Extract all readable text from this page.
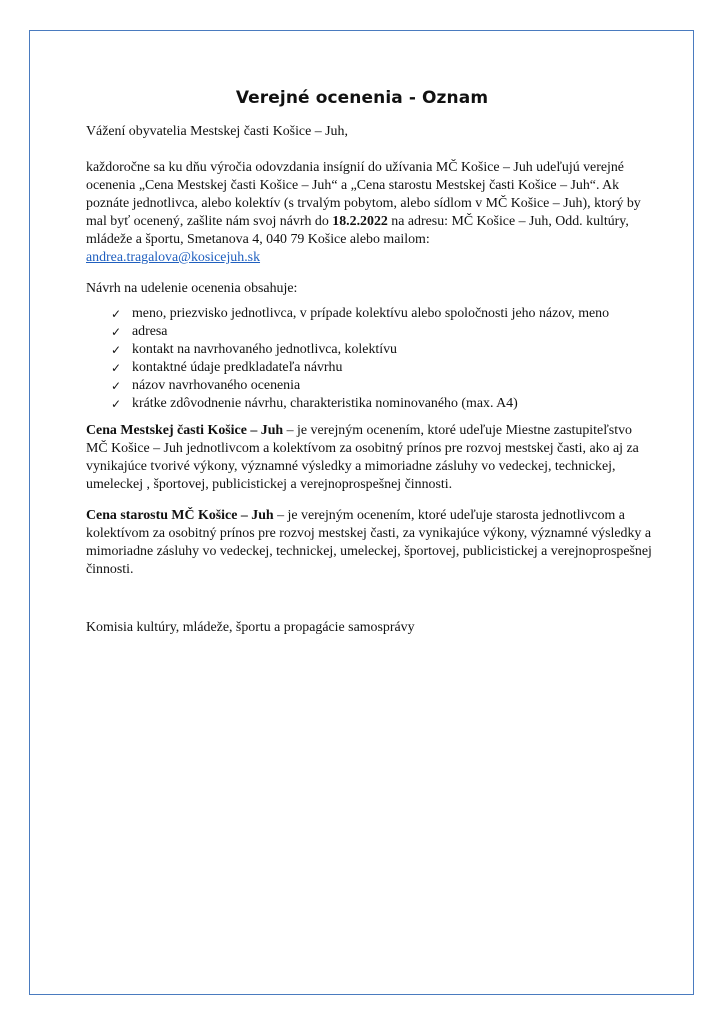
Verejné ocenenia - Oznam

Vážení obyvatelia Mestskej časti Košice – Juh,

každoročne sa ku dňu výročia odovzdania insígnií do užívania MČ Košice – Juh udeľujú verejné ocenenia „Cena Mestskej časti Košice – Juh“ a „Cena starostu Mestskej časti Košice – Juh“. Ak poznáte jednotlivca, alebo kolektív (s trvalým pobytom, alebo sídlom v MČ Košice – Juh), ktorý by mal byť ocenený, zašlite nám svoj návrh do 18.2.2022 na adresu: MČ Košice – Juh, Odd. kultúry, mládeže a športu, Smetanova 4, 040 79 Košice alebo mailom:
andrea.tragalova@kosicejuh.sk

Návrh na udelenie ocenenia obsahuje:

✓ meno, priezvisko jednotlivca, v prípade kolektívu alebo spoločnosti jeho názov, meno
✓ adresa
✓ kontakt na navrhovaného jednotlivca, kolektívu
✓ kontaktné údaje predkladateľa návrhu
✓ názov navrhovaného ocenenia
✓ krátke zdôvodnenie návrhu, charakteristika nominovaného (max. A4)

Cena Mestskej časti Košice – Juh – je verejným ocenením, ktoré udeľuje Miestne zastupiteľstvo MČ Košice – Juh jednotlivcom a kolektívom za osobitný prínos pre rozvoj mestskej časti, ako aj za vynikajúce tvorivé výkony, významné výsledky a mimoriadne zásluhy vo vedeckej, technickej, umeleckej , športovej, publicistickej a verejnoprospešnej činnosti.

Cena starostu MČ Košice – Juh – je verejným ocenením, ktoré udeľuje starosta jednotlivcom a kolektívom za osobitný prínos pre rozvoj mestskej časti, za vynikajúce výkony, významné výsledky a mimoriadne zásluhy vo vedeckej, technickej, umeleckej, športovej, publicistickej a verejnoprospešnej činnosti.

Komisia kultúry, mládeže, športu a propagácie samosprávy
